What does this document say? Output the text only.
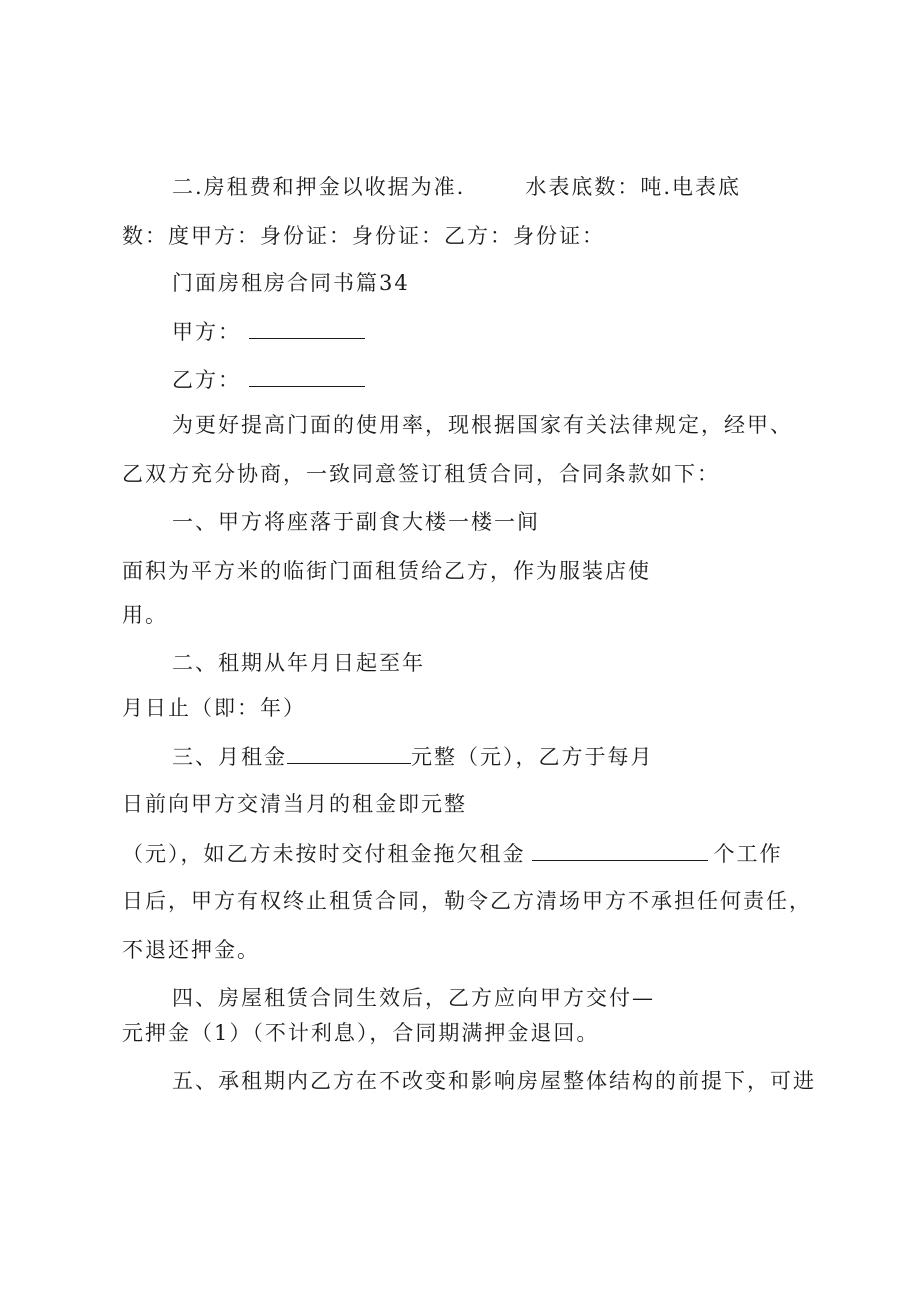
二.房租费和押金以收据为准.	水表底数：吨.电表底
数：度甲方：身份证：身份证：乙方：身份证：
门面房租房合同书篇34
甲方：
乙方：
为更好提高门面的使用率，现根据国家有关法律规定，经甲、
乙双方充分协商，一致同意签订租赁合同，合同条款如下：
一、甲方将座落于副食大楼一楼一间
面积为平方米的临街门面租赁给乙方，作为服装店使
用。
二、租期从年月日起至年
月日止（即：年）
三、月租金	元整（元），乙方于每月
日前向甲方交清当月的租金即元整
（元），如乙方未按时交付租金拖欠租金	个工作
日后，甲方有权终止租赁合同，勒令乙方清场甲方不承担任何责任，
不退还押金。
四、房屋租赁合同生效后，乙方应向甲方交付—
元押金（1）（不计利息），合同期满押金退回。
五、承租期内乙方在不改变和影响房屋整体结构的前提下，可进
